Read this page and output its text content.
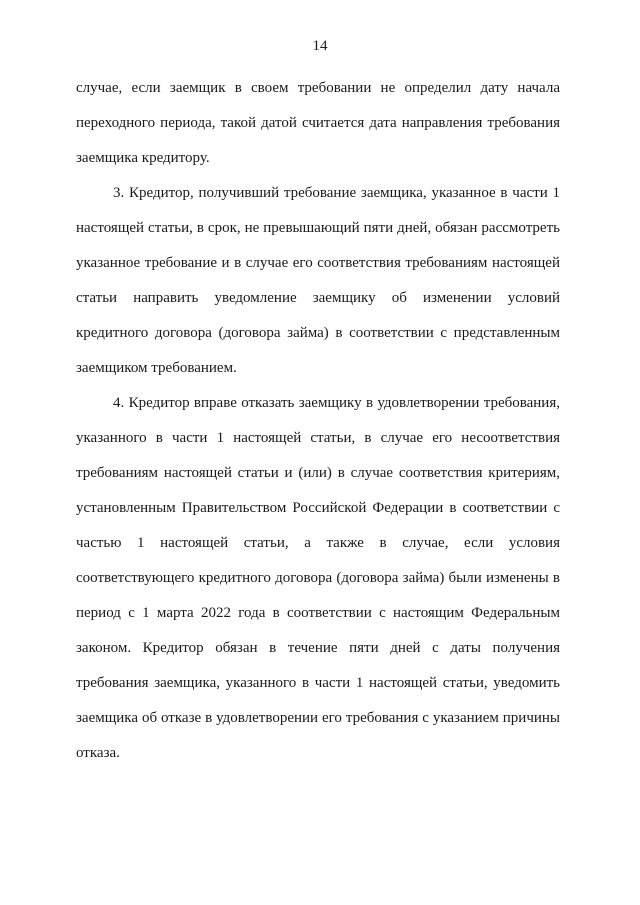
14
случае, если заемщик в своем требовании не определил дату начала
переходного периода, такой датой считается дата направления требования
заемщика кредитору.
3. Кредитор, получивший требование заемщика, указанное в части 1
настоящей статьи, в срок, не превышающий пяти дней, обязан рассмотреть
указанное требование и в случае его соответствия требованиям настоящей
статьи направить уведомление заемщику об изменении условий
кредитного договора (договора займа) в соответствии с представленным
заемщиком требованием.
4. Кредитор вправе отказать заемщику в удовлетворении требования,
указанного в части 1 настоящей статьи, в случае его несоответствия
требованиям настоящей статьи и (или) в случае соответствия критериям,
установленным Правительством Российской Федерации в соответствии с
частью 1 настоящей статьи, а также в случае, если условия
соответствующего кредитного договора (договора займа) были изменены в
период с 1 марта 2022 года в соответствии с настоящим Федеральным
законом. Кредитор обязан в течение пяти дней с даты получения
требования заемщика, указанного в части 1 настоящей статьи, уведомить
заемщика об отказе в удовлетворении его требования с указанием причины
отказа.
